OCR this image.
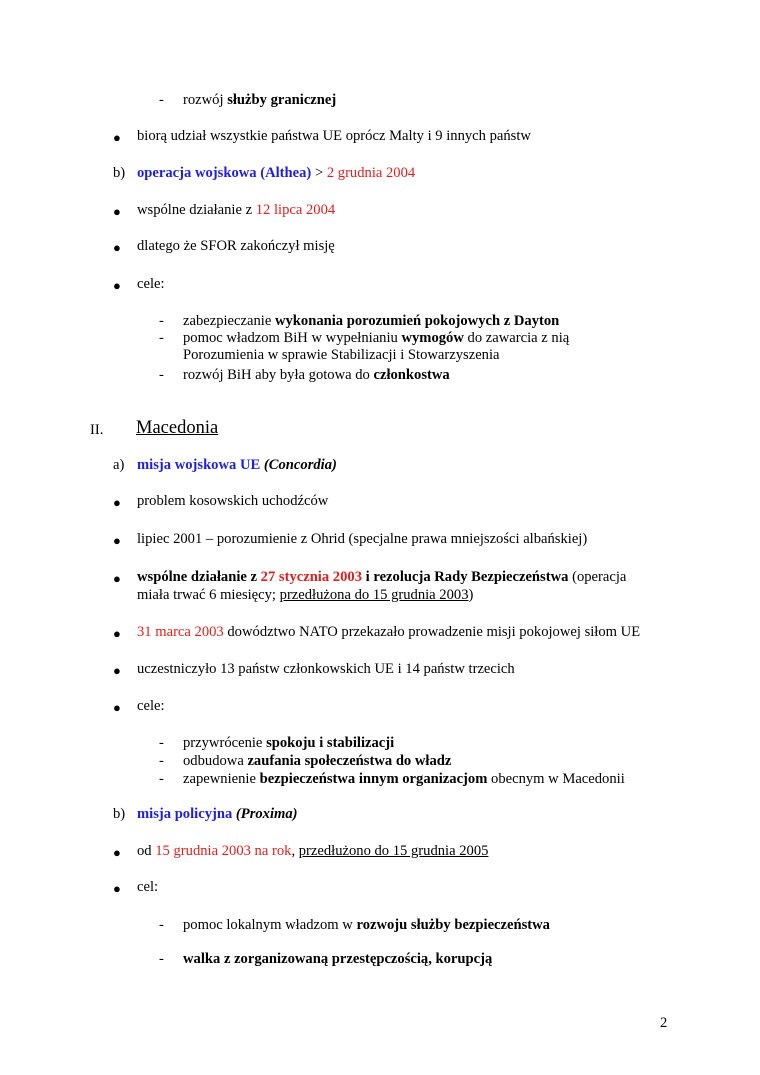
- rozwój służby granicznej
● biorą udział wszystkie państwa UE oprócz Malty i 9 innych państw
b) operacja wojskowa (Althea) > 2 grudnia 2004
● wspólne działanie z 12 lipca 2004
● dlatego że SFOR zakończył misję
● cele:
- zabezpieczanie wykonania porozumień pokojowych z Dayton
- pomoc władzom BiH w wypełnianiu wymogów do zawarcia z nią
Porozumienia w sprawie Stabilizacji i Stowarzyszenia
- rozwój BiH aby była gotowa do członkostwa
II. Macedonia
a) misja wojskowa UE (Concordia)
● problem kosowskich uchodźców
● lipiec 2001 – porozumienie z Ohrid (specjalne prawa mniejszości albańskiej)
● wspólne działanie z 27 stycznia 2003 i rezolucja Rady Bezpieczeństwa (operacja
miała trwać 6 miesięcy; przedłużona do 15 grudnia 2003)
● 31 marca 2003 dowództwo NATO przekazało prowadzenie misji pokojowej siłom UE
● uczestniczyło 13 państw członkowskich UE i 14 państw trzecich
● cele:
- przywrócenie spokoju i stabilizacji
- odbudowa zaufania społeczeństwa do władz
- zapewnienie bezpieczeństwa innym organizacjom obecnym w Macedonii
b) misja policyjna (Proxima)
● od 15 grudnia 2003 na rok, przedłużono do 15 grudnia 2005
● cel:
- pomoc lokalnym władzom w rozwoju służby bezpieczeństwa
- walka z zorganizowaną przestępczością, korupcją
2
